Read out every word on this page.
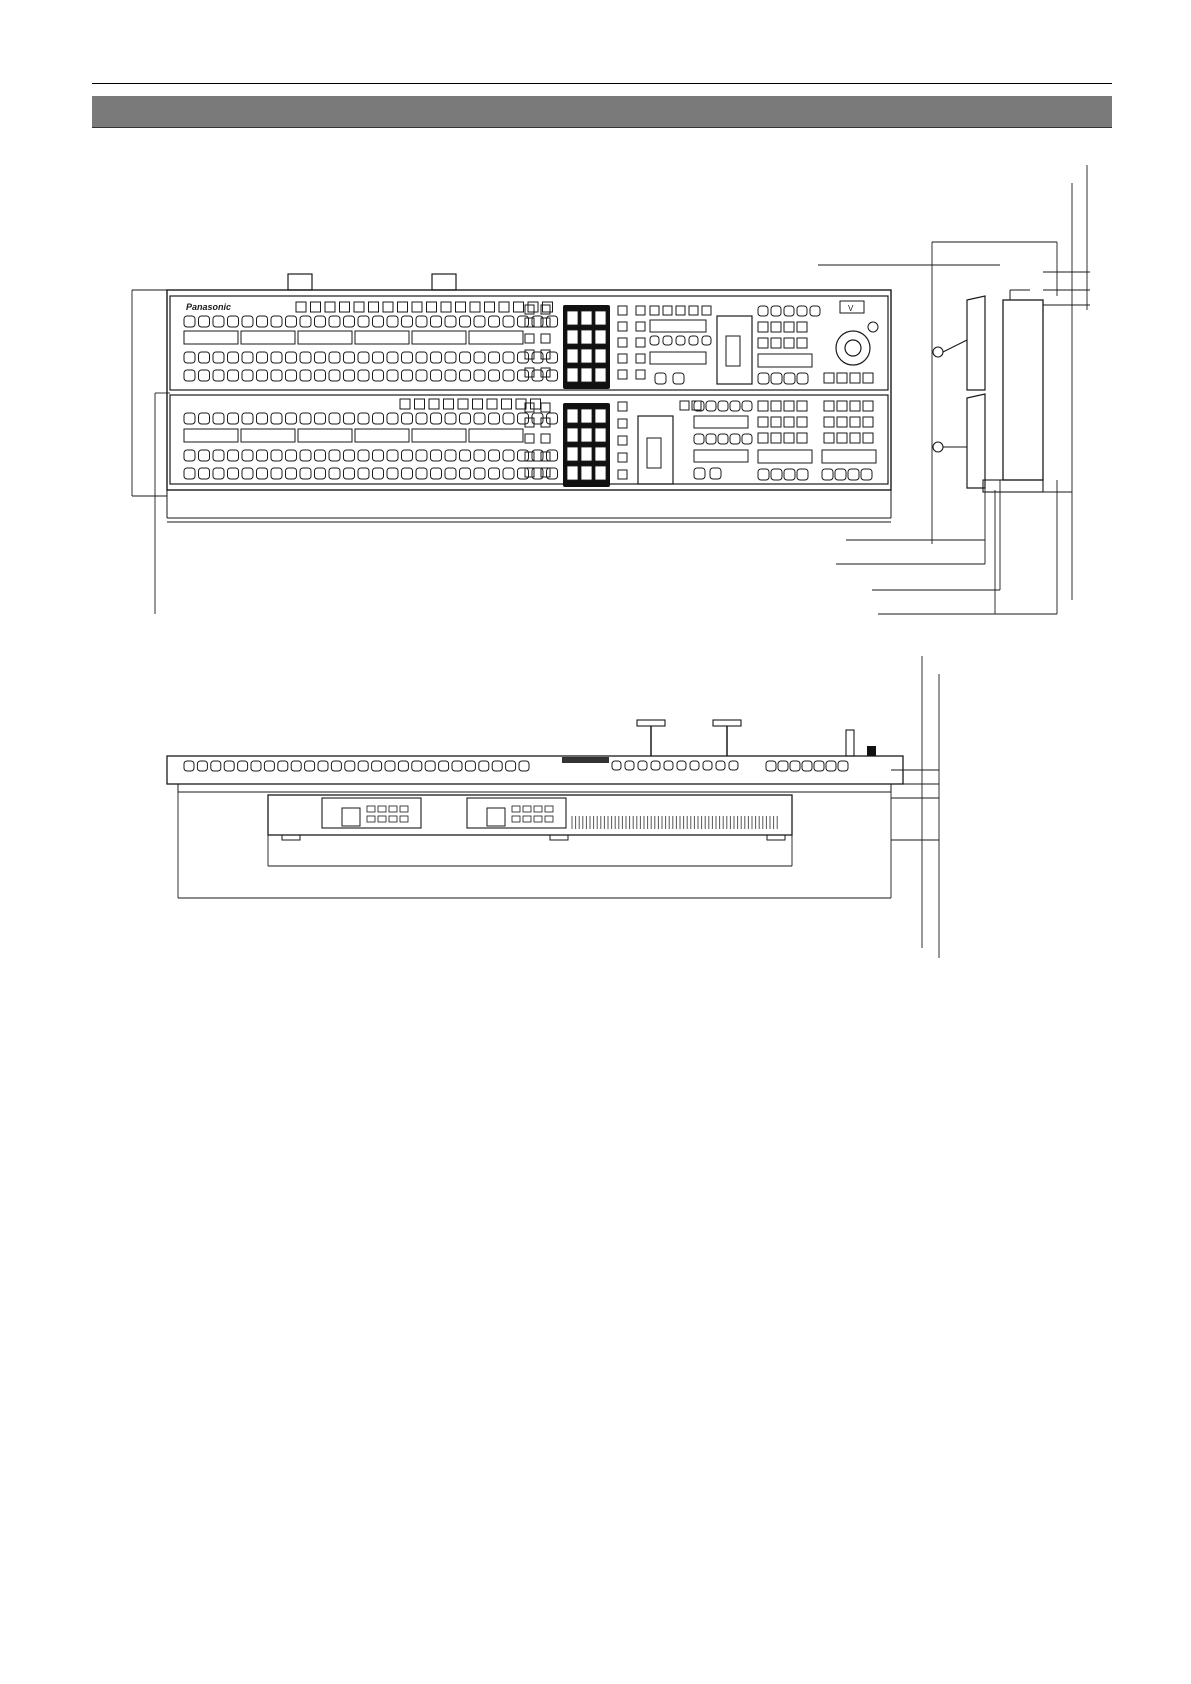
Panasonic	V
